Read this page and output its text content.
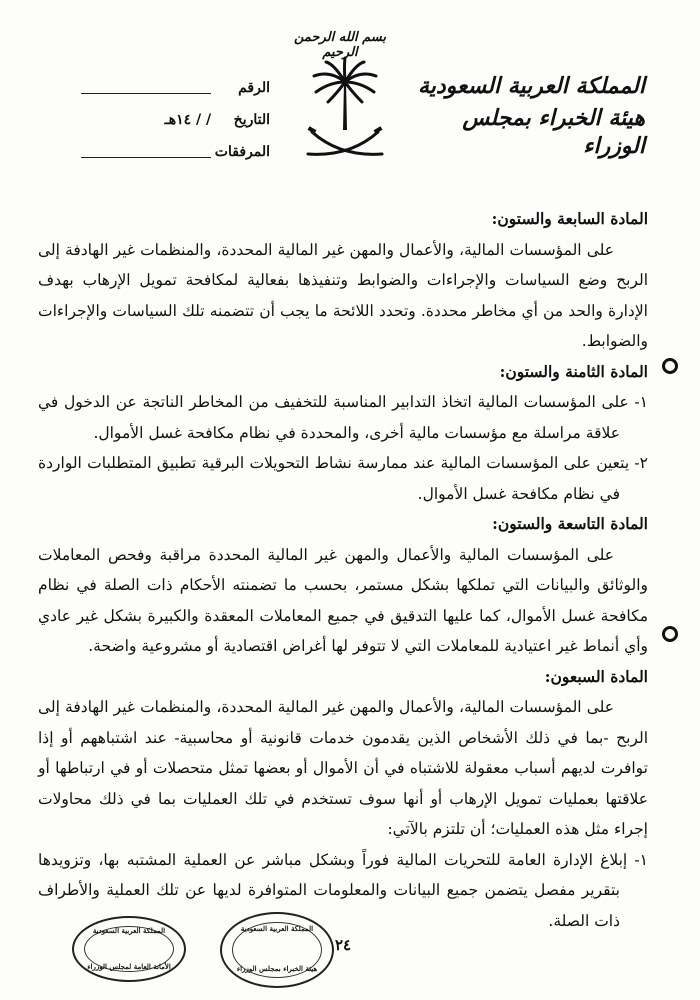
بسم الله الرحمن الرحيم
المملكة العربية السعودية
هيئة الخبراء بمجلس الوزراء
الرقم
التاريخ / / ١٤هـ
المرفقات

المادة السابعة والستون:

على المؤسسات المالية، والأعمال والمهن غير المالية المحددة، والمنظمات غير الهادفة إلى الربح وضع السياسات والإجراءات والضوابط وتنفيذها بفعالية لمكافحة تمويل الإرهاب بهدف الإدارة والحد من أي مخاطر محددة. وتحدد اللائحة ما يجب أن تتضمنه تلك السياسات والإجراءات والضوابط.

المادة الثامنة والستون:

١- على المؤسسات المالية اتخاذ التدابير المناسبة للتخفيف من المخاطر الناتجة عن الدخول في علاقة مراسلة مع مؤسسات مالية أخرى، والمحددة في نظام مكافحة غسل الأموال.

٢- يتعين على المؤسسات المالية عند ممارسة نشاط التحويلات البرقية تطبيق المتطلبات الواردة في نظام مكافحة غسل الأموال.

المادة التاسعة والستون:

على المؤسسات المالية والأعمال والمهن غير المالية المحددة مراقبة وفحص المعاملات والوثائق والبيانات التي تملكها بشكل مستمر، بحسب ما تضمنته الأحكام ذات الصلة في نظام مكافحة غسل الأموال، كما عليها التدقيق في جميع المعاملات المعقدة والكبيرة بشكل غير عادي وأي أنماط غير اعتيادية للمعاملات التي لا تتوفر لها أغراض اقتصادية أو مشروعية واضحة.

المادة السبعون:

على المؤسسات المالية، والأعمال والمهن غير المالية المحددة، والمنظمات غير الهادفة إلى الربح -بما في ذلك الأشخاص الذين يقدمون خدمات قانونية أو محاسبية- عند اشتباههم أو إذا توافرت لديهم أسباب معقولة للاشتباه في أن الأموال أو بعضها تمثل متحصلات أو في ارتباطها أو علاقتها بعمليات تمويل الإرهاب أو أنها سوف تستخدم في تلك العمليات بما في ذلك محاولات إجراء مثل هذه العمليات؛ أن تلتزم بالآتي:

١- إبلاغ الإدارة العامة للتحريات المالية فوراً وبشكل مباشر عن العملية المشتبه بها، وتزويدها بتقرير مفصل يتضمن جميع البيانات والمعلومات المتوافرة لديها عن تلك العملية والأطراف ذات الصلة.

المملكة العربية السعودية
الأمانة العامة لمجلس الوزراء
المملكة العربية السعودية
هيئة الخبراء بمجلس الوزراء
٢٤
